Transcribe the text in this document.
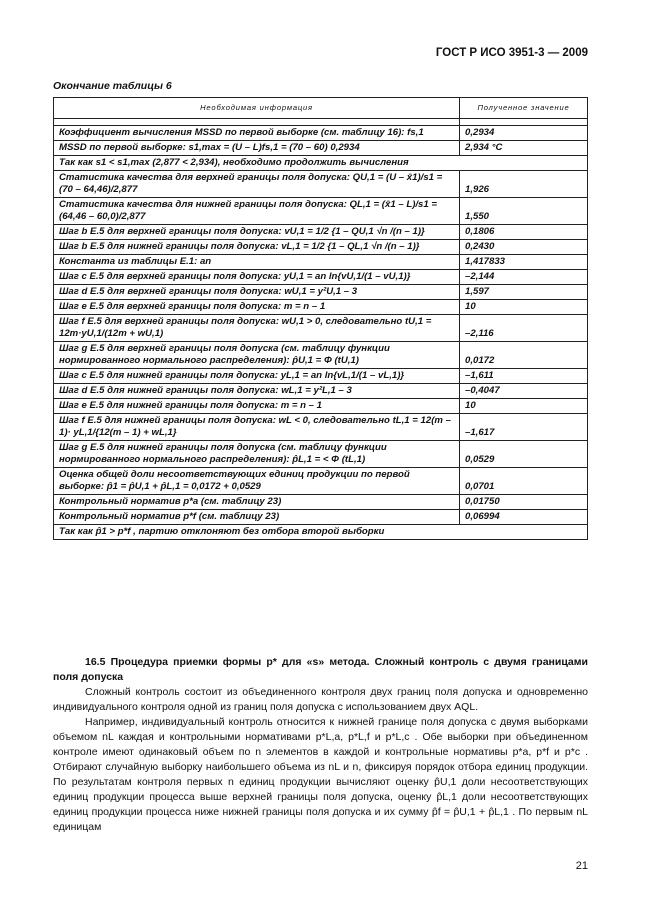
ГОСТ Р ИСО 3951-3 — 2009
Окончание таблицы 6
Необходимая информация	Полученное значение

Коэффициент вычисления MSSD по первой выборке (см. таблицу 16): fs,1	0,2934
MSSD по первой выборке: s1,max = (U – L)fs,1 = (70 – 60) 0,2934	2,934 °С
Так как s1 < s1,max (2,877 < 2,934), необходимо продолжить вычисления	
Статистика качества для верхней границы поля допуска: QU,1 = (U – x̄1)/s1 = (70 – 64,46)/2,877	1,926
Статистика качества для нижней границы поля допуска: QL,1 = (x̄1 – L)/s1 = (64,46 – 60,0)/2,877	1,550
Шаг b E.5 для верхней границы поля допуска: vU,1 = 1/2 {1 – QU,1 √n /(n – 1)}	0,1806
Шаг b E.5 для нижней границы поля допуска: vL,1 = 1/2 {1 – QL,1 √n /(n – 1)}	0,2430
Константа из таблицы E.1: an	1,417833
Шаг c E.5 для верхней границы поля допуска: yU,1 = an ln{vU,1/(1 – vU,1)}	–2,144
Шаг d E.5 для верхней границы поля допуска: wU,1 = y²U,1 – 3	1,597
Шаг e E.5 для верхней границы поля допуска: m = n – 1	10
Шаг f E.5 для верхней границы поля допуска: wU,1 > 0, следовательно tU,1 = 12m·yU,1/(12m + wU,1)	–2,116
Шаг g E.5 для верхней границы поля допуска (см. таблицу функции нормированного нормального распределения): p̂U,1 = Φ (tU,1)	0,0172
Шаг c E.5 для нижней границы поля допуска: yL,1 = an ln{vL,1/(1 – vL,1)}	–1,611
Шаг d E.5 для нижней границы поля допуска: wL,1 = y²L,1 – 3	–0,4047
Шаг e E.5 для нижней границы поля допуска: m = n – 1	10
Шаг f E.5 для нижней границы поля допуска: wL < 0, следовательно tL,1 = 12(m – 1)· yL,1/{12(m – 1) + wL,1}	–1,617
Шаг g E.5 для нижней границы поля допуска (см. таблицу функции нормированного нормального распределения): p̂L,1 = < Φ (tL,1)	0,0529
Оценка общей доли несоответствующих единиц продукции по первой выборке: p̂1 = p̂U,1 + p̂L,1 = 0,0172 + 0,0529	0,0701
Контрольный норматив p*a (см. таблицу 23)	0,01750
Контрольный норматив p*f (см. таблицу 23)	0,06994
Так как p̂1 > p*f , партию отклоняют без отбора второй выборки	

16.5 Процедура приемки формы p* для «s» метода. Сложный контроль с двумя границами поля допуска

Сложный контроль состоит из объединенного контроля двух границ поля допуска и одновременно индивидуального контроля одной из границ поля допуска с использованием двух AQL.

Например, индивидуальный контроль относится к нижней границе поля допуска с двумя выборками объемом nL каждая и контрольными нормативами p*L,a, p*L,f и p*L,c . Обе выборки при объединенном контроле имеют одинаковый объем по n элементов в каждой и контрольные нормативы p*a, p*f и p*c . Отбирают случайную выборку наибольшего объема из nL и n, фиксируя порядок отбора единиц продукции. По результатам контроля первых n единиц продукции вычисляют оценку p̂U,1 доли несоответствующих единиц продукции процесса выше верхней границы поля допуска, оценку p̂L,1 доли несоответствующих единиц продукции процесса ниже нижней границы поля допуска и их сумму p̂f = p̂U,1 + p̂L,1 . По первым nL единицам

21
